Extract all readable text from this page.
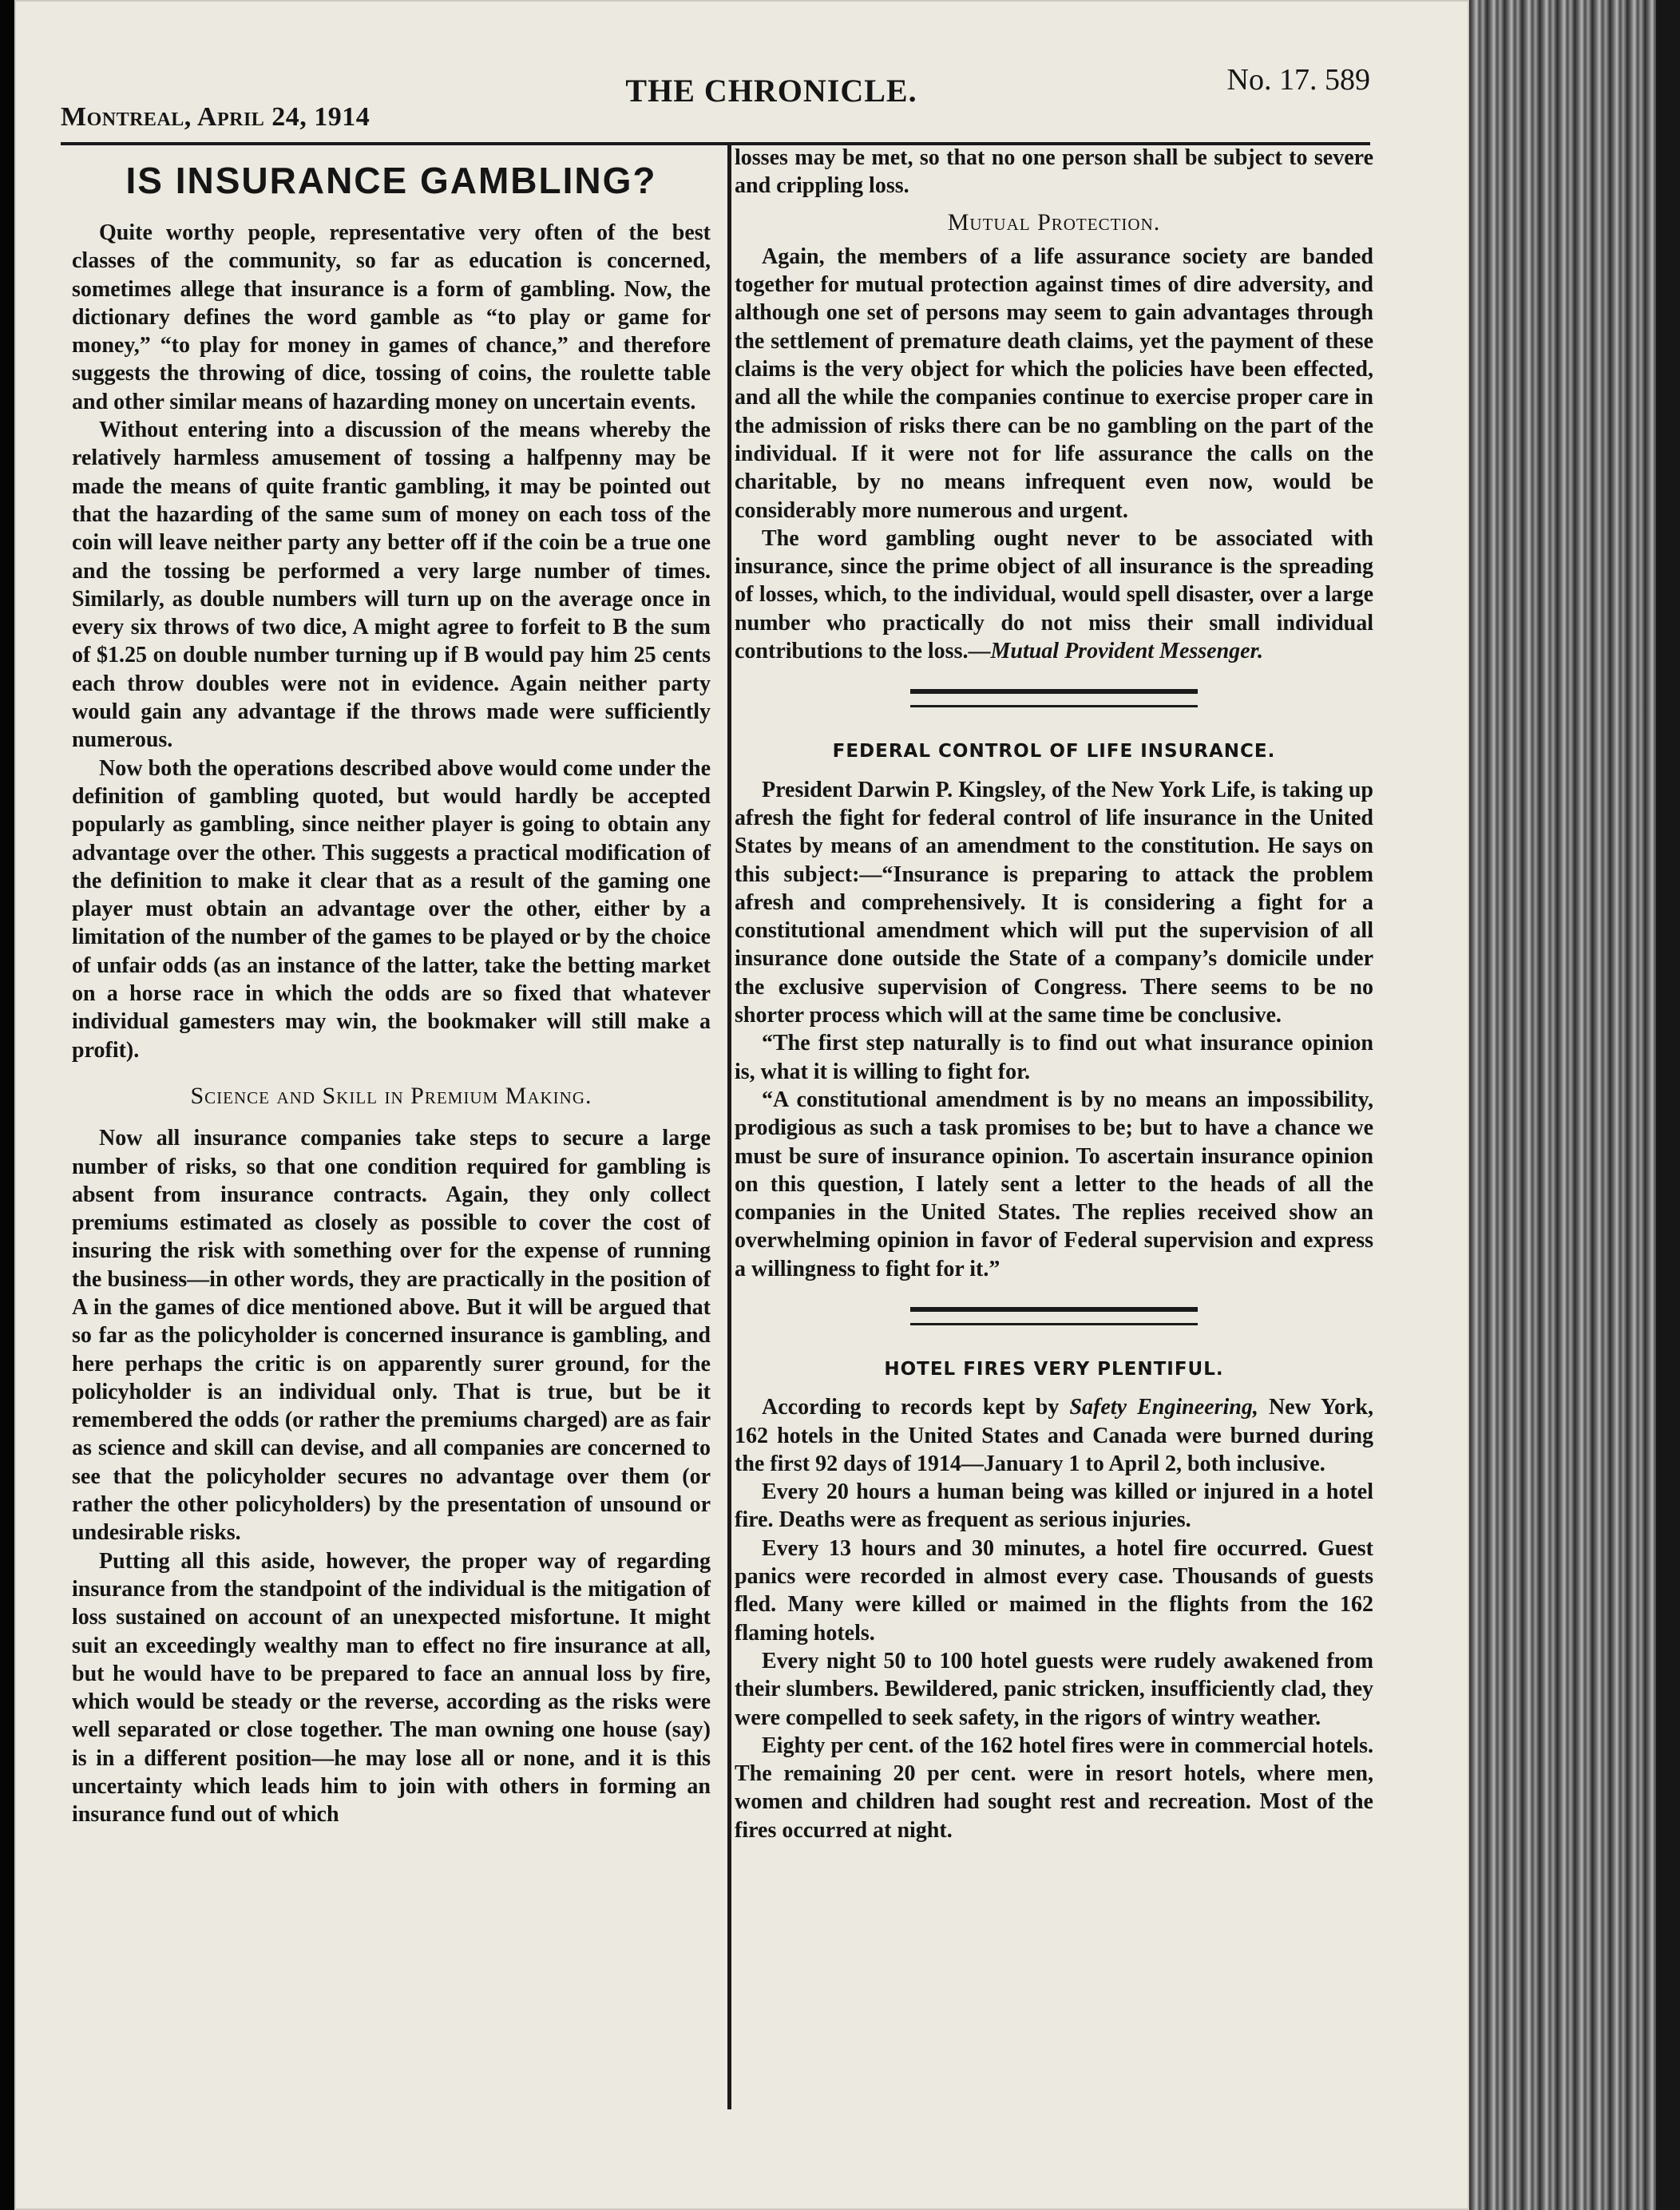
Montreal, April 24, 1914
THE CHRONICLE.	No. 17. 589
IS INSURANCE GAMBLING?

Quite worthy people, representative very often of the best classes of the community, so far as education is concerned, sometimes allege that insurance is a form of gambling. Now, the dictionary defines the word gamble as “to play or game for money,” “to play for money in games of chance,” and therefore suggests the throwing of dice, tossing of coins, the roulette table and other similar means of hazarding money on uncertain events.

Without entering into a discussion of the means whereby the relatively harmless amusement of tossing a halfpenny may be made the means of quite frantic gambling, it may be pointed out that the hazarding of the same sum of money on each toss of the coin will leave neither party any better off if the coin be a true one and the tossing be performed a very large number of times. Similarly, as double numbers will turn up on the average once in every six throws of two dice, A might agree to forfeit to B the sum of $1.25 on double number turning up if B would pay him 25 cents each throw doubles were not in evidence. Again neither party would gain any advantage if the throws made were sufficiently numerous.

Now both the operations described above would come under the definition of gambling quoted, but would hardly be accepted popularly as gambling, since neither player is going to obtain any advantage over the other. This suggests a practical modification of the definition to make it clear that as a result of the gaming one player must obtain an advantage over the other, either by a limitation of the number of the games to be played or by the choice of unfair odds (as an instance of the latter, take the betting market on a horse race in which the odds are so fixed that whatever individual gamesters may win, the bookmaker will still make a profit).

Science and Skill in Premium Making.

Now all insurance companies take steps to secure a large number of risks, so that one condition required for gambling is absent from insurance contracts. Again, they only collect premiums estimated as closely as possible to cover the cost of insuring the risk with something over for the expense of running the business—in other words, they are practically in the position of A in the games of dice mentioned above. But it will be argued that so far as the policyholder is concerned insurance is gambling, and here perhaps the critic is on apparently surer ground, for the policyholder is an individual only. That is true, but be it remembered the odds (or rather the premiums charged) are as fair as science and skill can devise, and all companies are concerned to see that the policyholder secures no advantage over them (or rather the other policyholders) by the presentation of unsound or undesirable risks.

Putting all this aside, however, the proper way of regarding insurance from the standpoint of the individual is the mitigation of loss sustained on account of an unexpected misfortune. It might suit an exceedingly wealthy man to effect no fire insurance at all, but he would have to be prepared to face an annual loss by fire, which would be steady or the reverse, according as the risks were well separated or close together. The man owning one house (say) is in a different position—he may lose all or none, and it is this uncertainty which leads him to join with others in forming an insurance fund out of which

losses may be met, so that no one person shall be subject to severe and crippling loss.

Mutual Protection.

Again, the members of a life assurance society are banded together for mutual protection against times of dire adversity, and although one set of persons may seem to gain advantages through the settlement of premature death claims, yet the payment of these claims is the very object for which the policies have been effected, and all the while the companies continue to exercise proper care in the admission of risks there can be no gambling on the part of the individual. If it were not for life assurance the calls on the charitable, by no means infrequent even now, would be considerably more numerous and urgent.

The word gambling ought never to be associated with insurance, since the prime object of all insurance is the spreading of losses, which, to the individual, would spell disaster, over a large number who practically do not miss their small individual contributions to the loss.—Mutual Provident Messenger.

FEDERAL CONTROL OF LIFE INSURANCE.

President Darwin P. Kingsley, of the New York Life, is taking up afresh the fight for federal control of life insurance in the United States by means of an amendment to the constitution. He says on this subject:—“Insurance is preparing to attack the problem afresh and comprehensively. It is considering a fight for a constitutional amendment which will put the supervision of all insurance done outside the State of a company’s domicile under the exclusive supervision of Congress. There seems to be no shorter process which will at the same time be conclusive.

“The first step naturally is to find out what insurance opinion is, what it is willing to fight for.

“A constitutional amendment is by no means an impossibility, prodigious as such a task promises to be; but to have a chance we must be sure of insurance opinion. To ascertain insurance opinion on this question, I lately sent a letter to the heads of all the companies in the United States. The replies received show an overwhelming opinion in favor of Federal supervision and express a willingness to fight for it.”

HOTEL FIRES VERY PLENTIFUL.

According to records kept by Safety Engineering, New York, 162 hotels in the United States and Canada were burned during the first 92 days of 1914—January 1 to April 2, both inclusive.

Every 20 hours a human being was killed or injured in a hotel fire. Deaths were as frequent as serious injuries.

Every 13 hours and 30 minutes, a hotel fire occurred. Guest panics were recorded in almost every case. Thousands of guests fled. Many were killed or maimed in the flights from the 162 flaming hotels.

Every night 50 to 100 hotel guests were rudely awakened from their slumbers. Bewildered, panic stricken, insufficiently clad, they were compelled to seek safety, in the rigors of wintry weather.

Eighty per cent. of the 162 hotel fires were in commercial hotels. The remaining 20 per cent. were in resort hotels, where men, women and children had sought rest and recreation. Most of the fires occurred at night.
